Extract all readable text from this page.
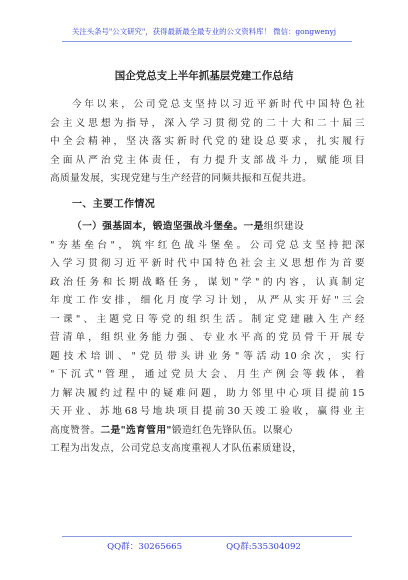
关注头条号"公文研究"，获得最新最全最专业的公文资料库！ 微信：gongwenyj
国企党总支上半年抓基层党建工作总结
今年以来，公司党总支坚持以习近平新时代中国特色社
会主义思想为指导，深入学习贯彻党的二十大和二十届三
中全会精神，坚决落实新时代党的建设总要求，扎实履行
全面从严治党主体责任，有力提升支部战斗力，赋能项目
高质量发展，实现党建与生产经营的同频共振和互促共进。
一、主要工作情况
（一）强基固本，锻造坚强战斗堡垒。一是组织建设
"夯基垒台"，筑牢红色战斗堡垒。公司党总支坚持把深
入学习贯彻习近平新时代中国特色社会主义思想作为首要
政治任务和长期战略任务，谋划"学"的内容，认真制定
年度工作安排，细化月度学习计划，从严从实开好"三会
一课"、主题党日等党的组织生活。制定党建融入生产经
营清单，组织业务能力强、专业水平高的党员骨干开展专
题技术培训、"党员带头讲业务"等活动10余次，实行
"下沉式"管理，通过党员大会、月生产例会等载体，着
力解决履约过程中的疑难问题，助力邻里中心项目提前15
天开业、苏地68号地块项目提前30天竣工验收，赢得业主
高度赞誉。二是"选育管用"锻造红色先锋队伍。以聚心
工程为出发点，公司党总支高度重视人才队伍素质建设，
QQ群：30265665	QQ群:535304092
